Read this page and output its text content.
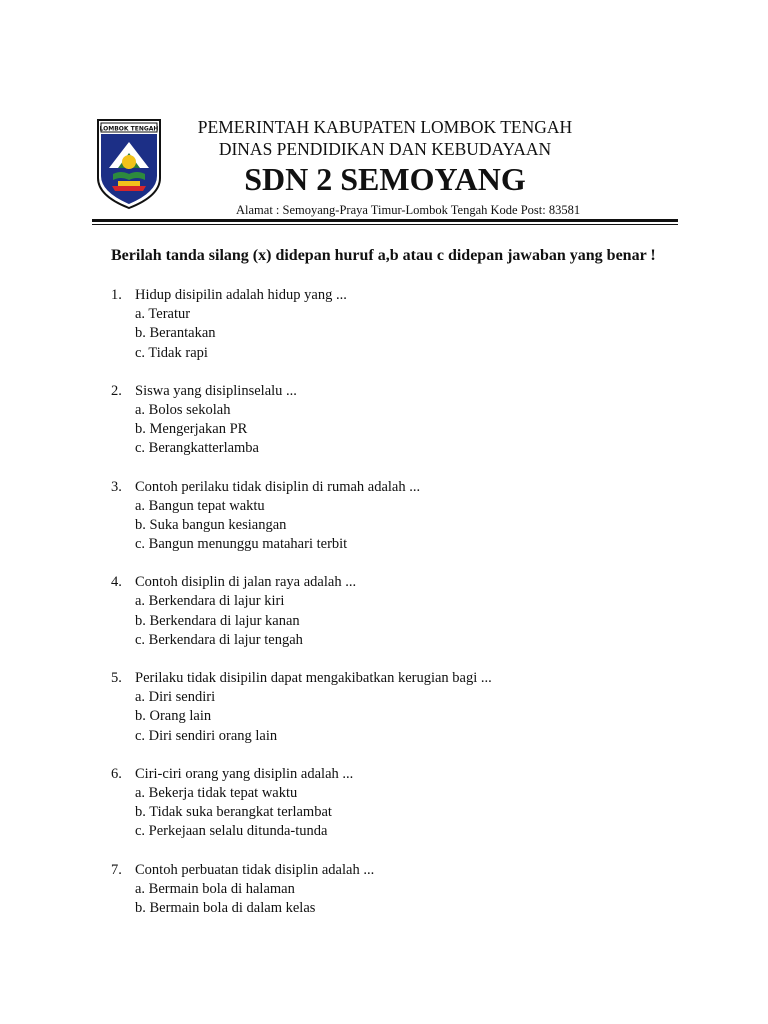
LOMBOK TENGAH	PEMERINTAH KABUPATEN LOMBOK TENGAH

DINAS PENDIDIKAN DAN KEBUDAYAAN

SDN 2 SEMOYANG

Alamat : Semoyang-Praya Timur-Lombok Tengah Kode Post: 83581

Berilah tanda silang (x) didepan huruf a,b atau c didepan jawaban yang benar !

1. Hidup disipilin adalah hidup yang ...
a. Teratur
b. Berantakan
c. Tidak rapi
2. Siswa yang disiplinselalu ...
a. Bolos sekolah
b. Mengerjakan PR
c. Berangkatterlamba
3. Contoh perilaku tidak disiplin di rumah adalah ...
a. Bangun tepat waktu
b. Suka bangun kesiangan
c. Bangun menunggu matahari terbit
4. Contoh disiplin di jalan raya adalah ...
a. Berkendara di lajur kiri
b. Berkendara di lajur kanan
c. Berkendara di lajur tengah
5. Perilaku tidak disipilin dapat mengakibatkan kerugian bagi ...
a. Diri sendiri
b. Orang lain
c. Diri sendiri orang lain
6. Ciri-ciri orang yang disiplin adalah ...
a. Bekerja tidak tepat waktu
b. Tidak suka berangkat terlambat
c. Perkejaan selalu ditunda-tunda
7. Contoh perbuatan tidak disiplin adalah ...
a. Bermain bola di halaman
b. Bermain bola di dalam kelas
